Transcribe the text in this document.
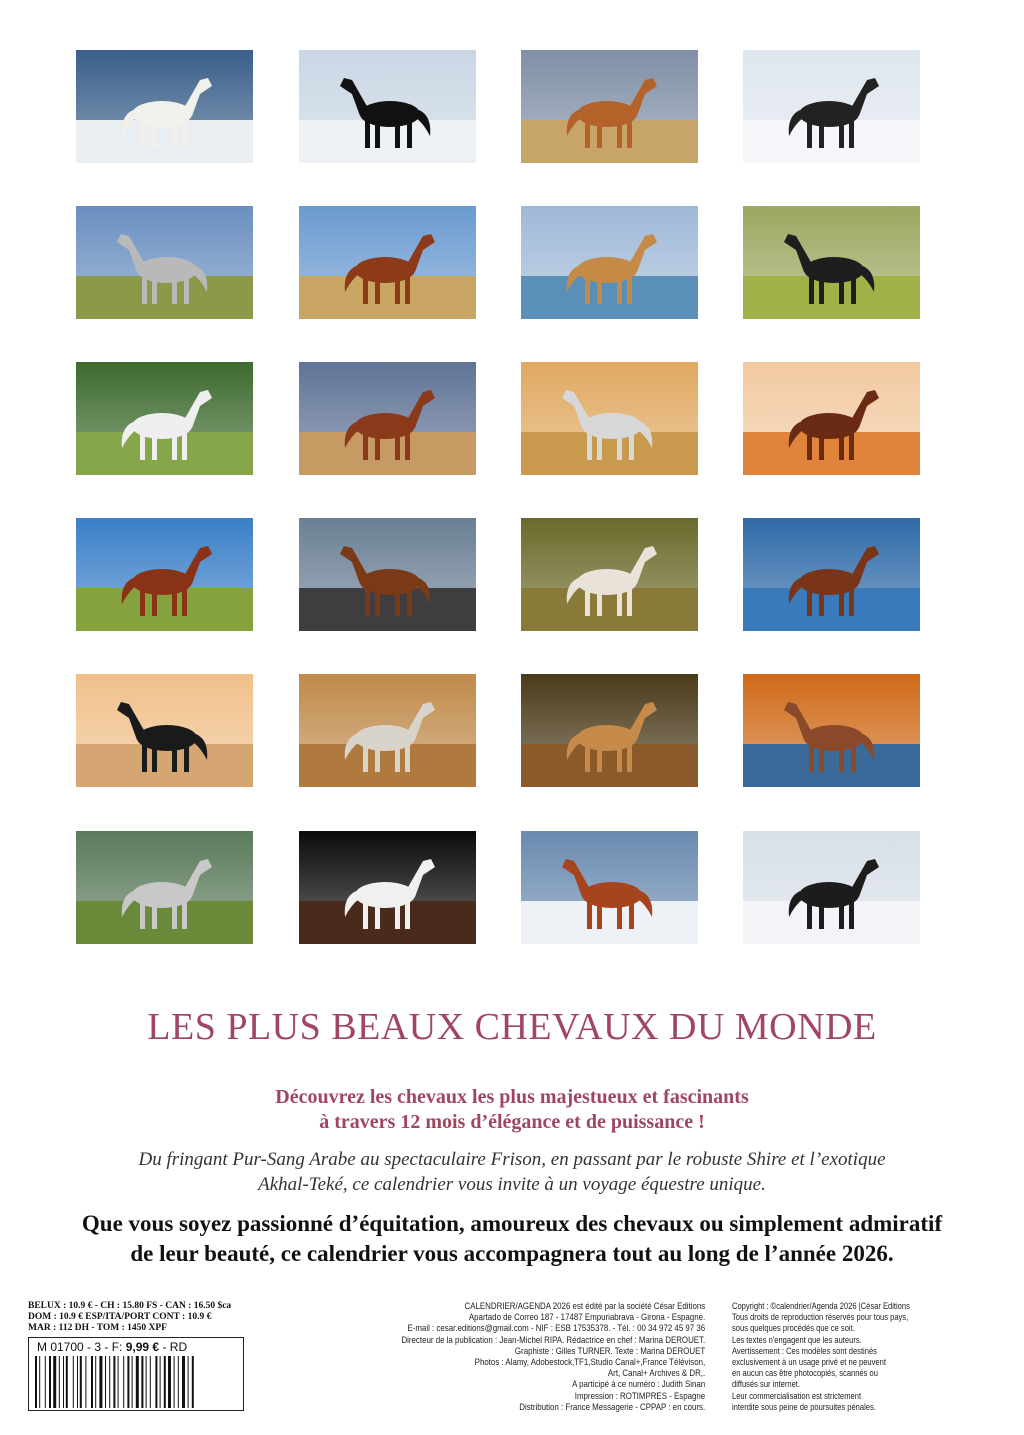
LES PLUS BEAUX CHEVAUX DU MONDE
Découvrez les chevaux les plus majestueux et fascinants
à travers 12 mois d’élégance et de puissance !
Du fringant Pur-Sang Arabe au spectaculaire Frison, en passant par le robuste Shire et l’exotique
Akhal-Teké, ce calendrier vous invite à un voyage équestre unique.
Que vous soyez passionné d’équitation, amoureux des chevaux ou simplement admiratif
de leur beauté, ce calendrier vous accompagnera tout au long de l’année 2026.
BELUX : 10.9 € - CH : 15.80 FS - CAN : 16.50 $ca
DOM : 10.9 € ESP/ITA/PORT CONT : 10.9 €
MAR : 112 DH - TOM : 1450 XPF
M 01700 - 3 - F: 9,99 € - RD
CALENDRIER/AGENDA 2026 est édité par la société César Editions
Apartado de Correo 187 - 17487 Empuriabrava - Girona - Espagne.
E-mail : cesar.editions@gmail.com - NIF : ESB 17535378. - Tél. : 00 34 972 45 97 36
Directeur de la publication : Jean-Michel RIPA. Rédactrice en chef : Marina DEROUET.
Graphiste : Gilles TURNER. Texte : Marina DEROUET
Photos : Alamy, Adobestock,TF1,Studio Canal+,France Télévison,
Art, Canal+ Archives & DR,.
A participé à ce numéro : Judith Sinan
Impression : ROTIMPRES - Espagne
Distribution : France Messagerie - CPPAP : en cours.
Copyright : ©calendrier/Agenda 2026 |César Editions
Tous droits de reproduction réservés pour tous pays,
sous quelques procédés que ce soit.
Les textes n'engagent que les auteurs.
Avertissement : Ces modèles sont destinés
exclusivement à un usage privé et ne peuvent
en aucun cas être photocopiés, scannés ou
diffusés sur internet.
Leur commercialisation est strictement
interdite sous peine de poursuites pénales.
